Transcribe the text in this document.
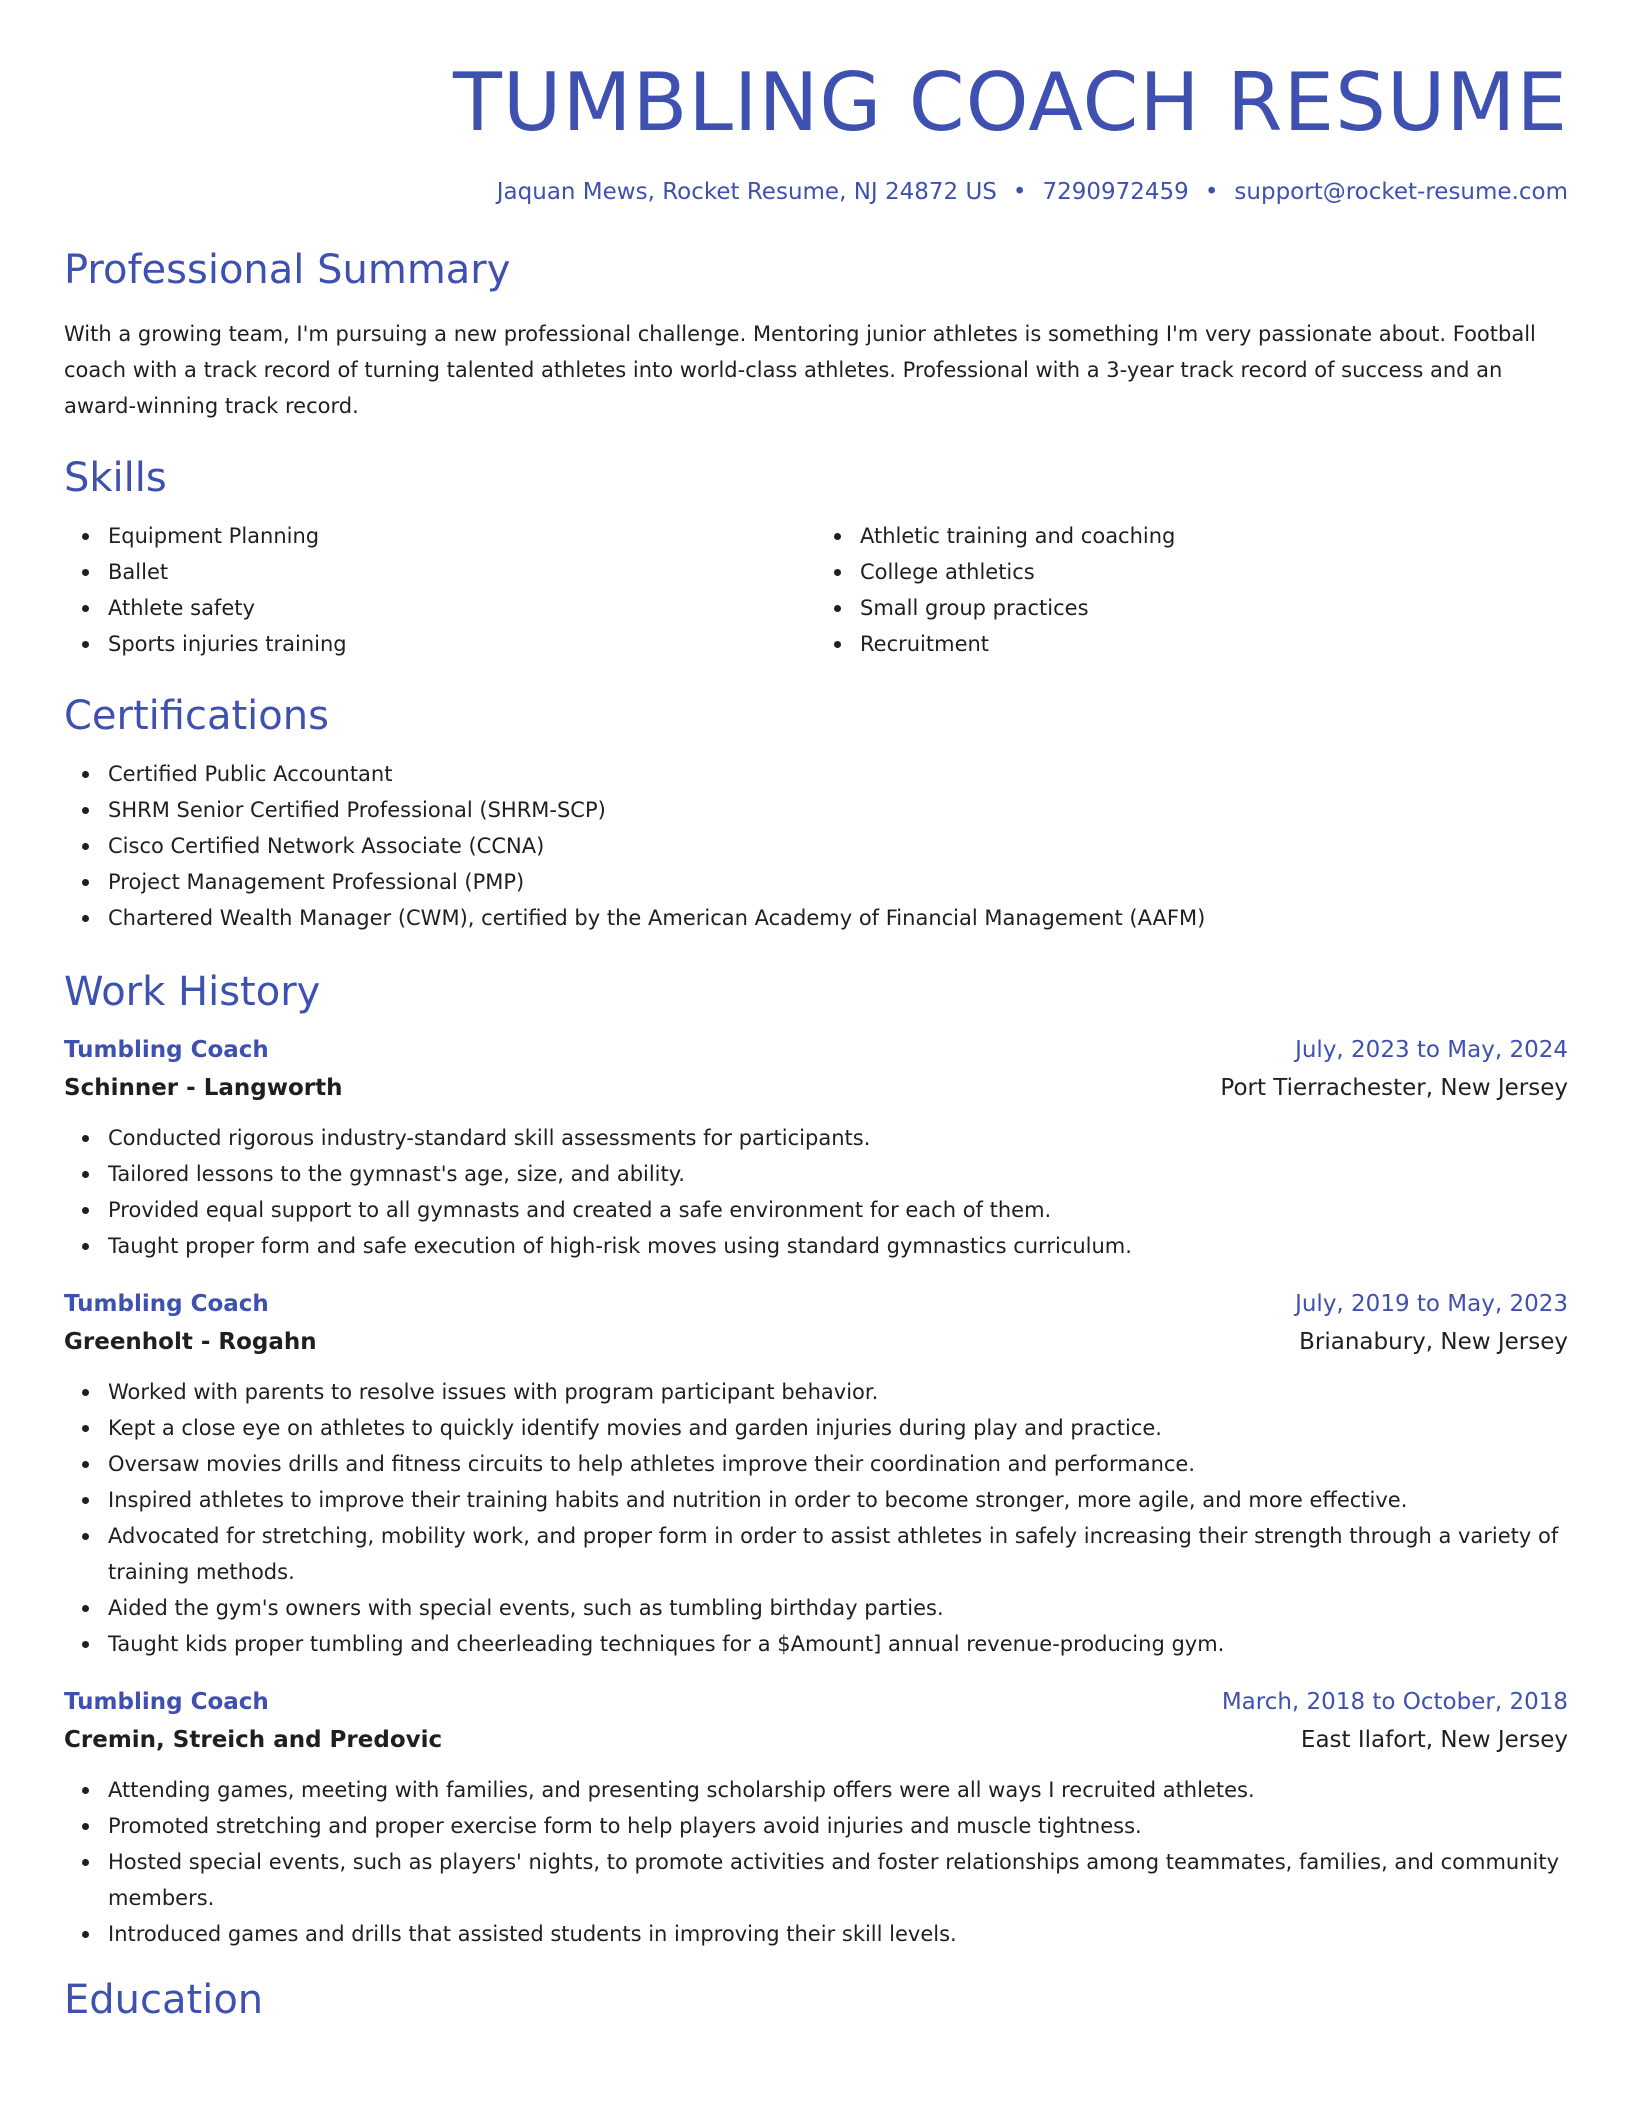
TUMBLING COACH RESUME
Jaquan Mews, Rocket Resume, NJ 24872 US • 7290972459 • support@rocket-resume.com
Professional Summary

With a growing team, I'm pursuing a new professional challenge. Mentoring junior athletes is something I'm very passionate about. Football coach with a track record of turning talented athletes into world-class athletes. Professional with a 3-year track record of success and an award-winning track record.

Skills
Equipment Planning
Ballet
Athlete safety
Sports injuries training
Athletic training and coaching
College athletics
Small group practices
Recruitment
Certifications
Certified Public Accountant
SHRM Senior Certified Professional (SHRM-SCP)
Cisco Certified Network Associate (CCNA)
Project Management Professional (PMP)
Chartered Wealth Manager (CWM), certified by the American Academy of Financial Management (AAFM)
Work History
Tumbling Coach	July, 2023 to May, 2024
Schinner - Langworth	Port Tierrachester, New Jersey
Conducted rigorous industry-standard skill assessments for participants.
Tailored lessons to the gymnast's age, size, and ability.
Provided equal support to all gymnasts and created a safe environment for each of them.
Taught proper form and safe execution of high-risk moves using standard gymnastics curriculum.
Tumbling Coach	July, 2019 to May, 2023
Greenholt - Rogahn	Brianabury, New Jersey
Worked with parents to resolve issues with program participant behavior.
Kept a close eye on athletes to quickly identify movies and garden injuries during play and practice.
Oversaw movies drills and fitness circuits to help athletes improve their coordination and performance.
Inspired athletes to improve their training habits and nutrition in order to become stronger, more agile, and more effective.
Advocated for stretching, mobility work, and proper form in order to assist athletes in safely increasing their strength through a variety of training methods.
Aided the gym's owners with special events, such as tumbling birthday parties.
Taught kids proper tumbling and cheerleading techniques for a $Amount] annual revenue-producing gym.
Tumbling Coach	March, 2018 to October, 2018
Cremin, Streich and Predovic	East Ilafort, New Jersey
Attending games, meeting with families, and presenting scholarship offers were all ways I recruited athletes.
Promoted stretching and proper exercise form to help players avoid injuries and muscle tightness.
Hosted special events, such as players' nights, to promote activities and foster relationships among teammates, families, and community members.
Introduced games and drills that assisted students in improving their skill levels.
Education
